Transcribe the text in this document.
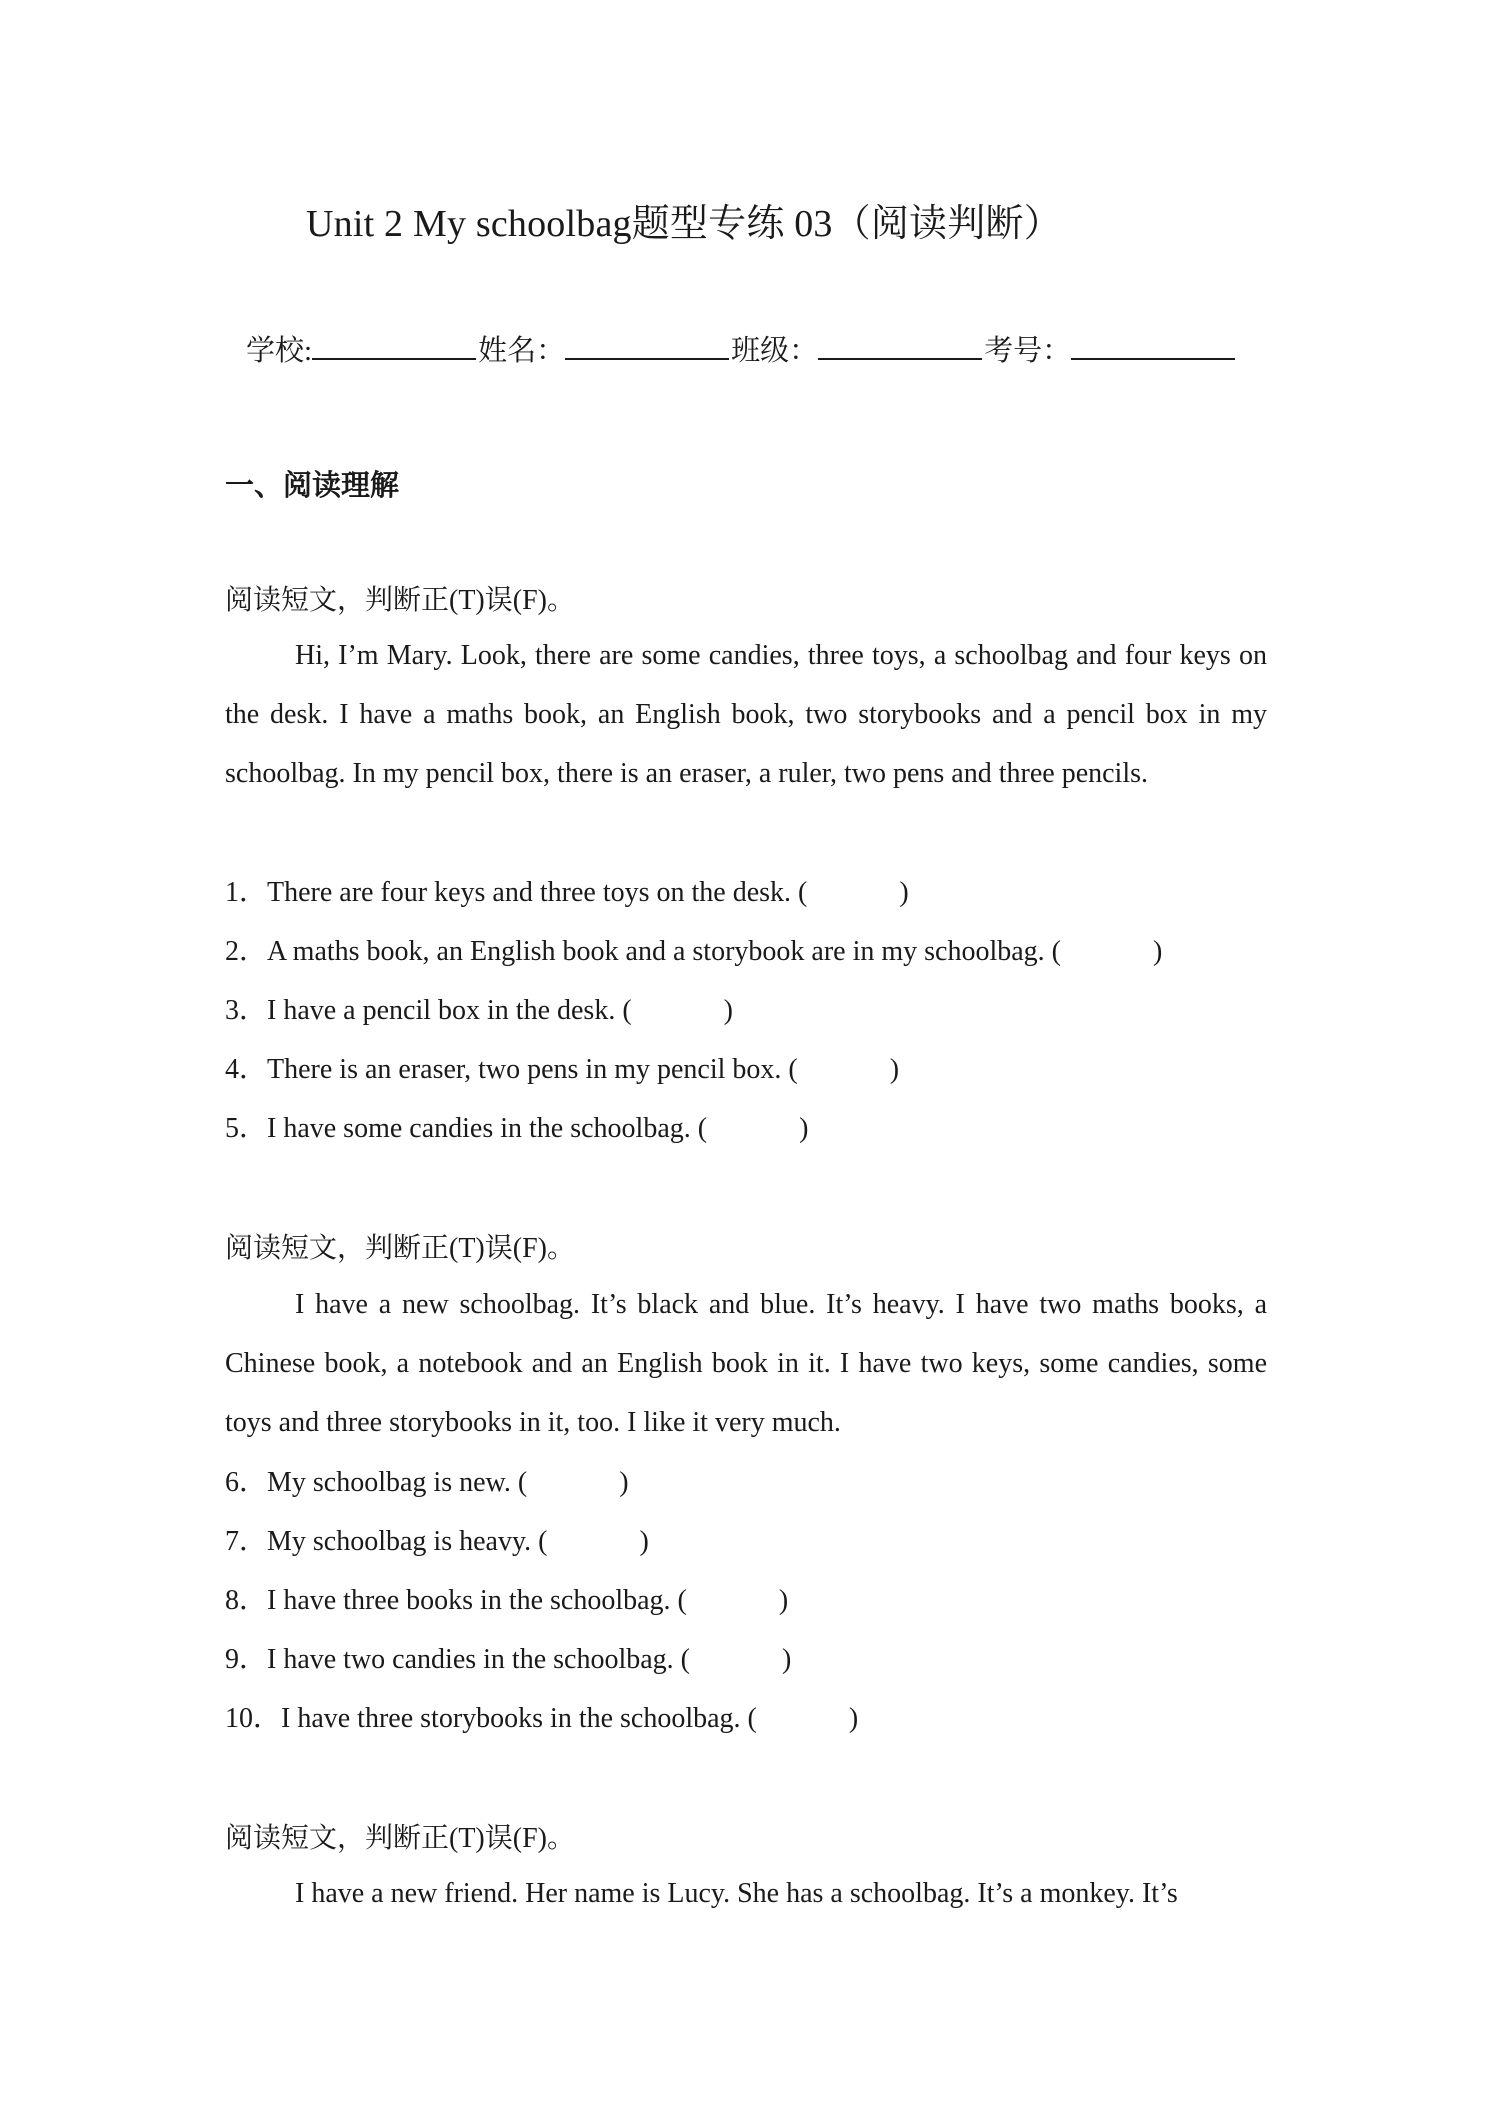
Unit 2 My schoolbag题型专练 03（阅读判断）
学校:	姓名：	班级：	考号：
一、阅读理解
阅读短文，判断正(T)误(F)。
Hi, I’m Mary. Look, there are some candies, three toys, a schoolbag and four keys on the desk. I have a maths book, an English book, two storybooks and a pencil box in my schoolbag. In my pencil box, there is an eraser, a ruler, two pens and three pencils.
1．There are four keys and three toys on the desk. (	)
2．A maths book, an English book and a storybook are in my schoolbag. (	)
3．I have a pencil box in the desk. (	)
4．There is an eraser, two pens in my pencil box. (	)
5．I have some candies in the schoolbag. (	)
阅读短文，判断正(T)误(F)。
I have a new schoolbag. It’s black and blue. It’s heavy. I have two maths books, a Chinese book, a notebook and an English book in it. I have two keys, some candies, some toys and three storybooks in it, too. I like it very much.
6．My schoolbag is new. (	)
7．My schoolbag is heavy. (	)
8．I have three books in the schoolbag. (	)
9．I have two candies in the schoolbag. (	)
10．I have three storybooks in the schoolbag. (	)
阅读短文，判断正(T)误(F)。
I have a new friend. Her name is Lucy. She has a schoolbag. It’s a monkey. It’s
